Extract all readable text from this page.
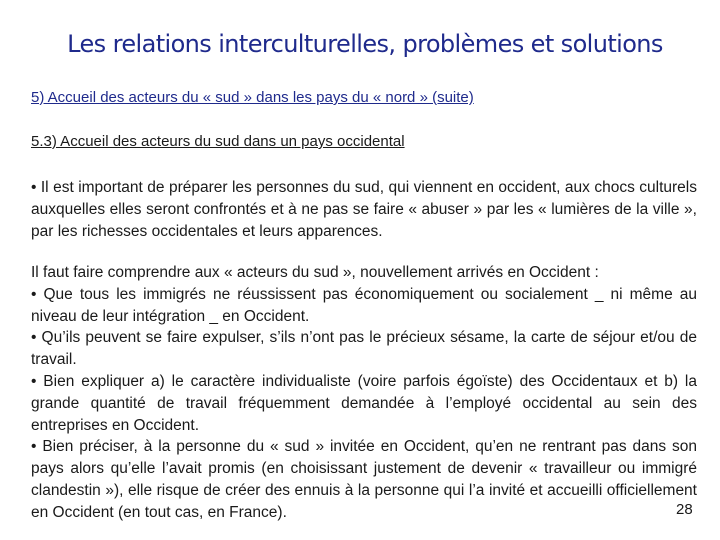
Les relations interculturelles, problèmes et solutions
5) Accueil des acteurs du « sud » dans les pays du « nord » (suite)
5.3) Accueil des acteurs du sud dans un pays occidental

• Il est important de préparer les personnes du sud, qui viennent en occident, aux chocs culturels auxquelles elles seront confrontés et à ne pas se faire « abuser » par les « lumières de la ville », par les richesses occidentales et leurs apparences.

Il faut faire comprendre aux « acteurs du sud », nouvellement arrivés en Occident :

• Que tous les immigrés ne réussissent pas économiquement ou socialement _ ni même au niveau de leur intégration _ en Occident.

• Qu’ils peuvent se faire expulser, s’ils n’ont pas le précieux sésame, la carte de séjour et/ou de travail.

• Bien expliquer a) le caractère individualiste (voire parfois égoïste) des Occidentaux et b) la grande quantité de travail fréquemment demandée à l’employé occidental au sein des entreprises en Occident.

• Bien préciser, à la personne du « sud » invitée en Occident, qu’en ne rentrant pas dans son pays alors qu’elle l’avait promis (en choisissant justement de devenir « travailleur ou immigré clandestin »), elle risque de créer des ennuis à la personne qui l’a invité et accueilli officiellement en Occident (en tout cas, en France).	28
